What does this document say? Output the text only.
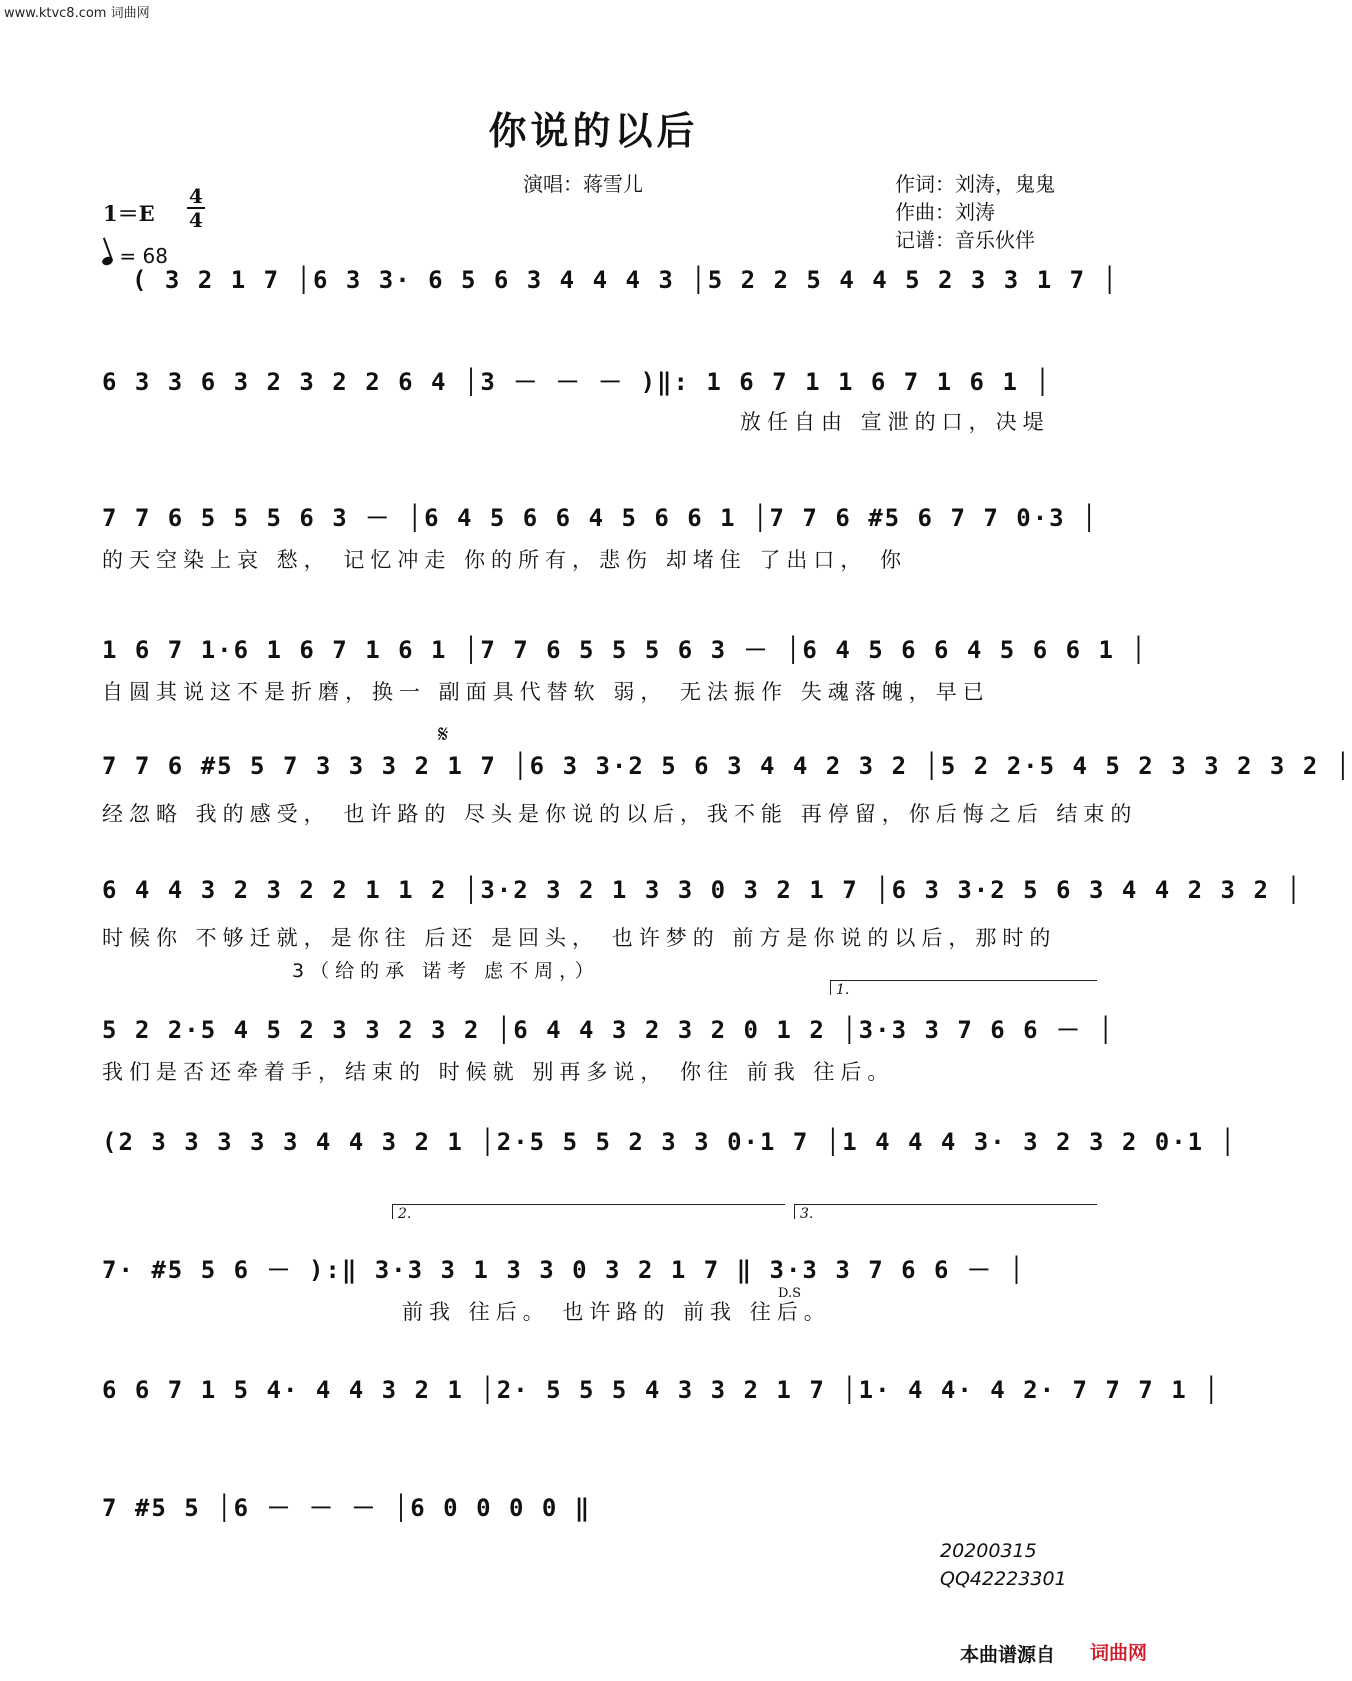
www.ktvc8.com 词曲网
你说的以后
演唱：蒋雪儿	作词：刘涛，鬼鬼
作曲：刘涛
记谱：音乐伙伴
1＝E
4
4
= 68
( 3 2 1 7 │6 3 3· 6 5 6 3 4 4 4 3 │5 2 2 5 4 4 5 2 3 3 1 7 │
6 3 3 6 3 2 3 2 2 6 4 │3 － － － )‖: 1 6 7 1 1 6 7 1 6 1 │
放任自由 宣泄的口，决堤
7 7 6 5 5 5 6 3 － │6 4 5 6 6 4 5 6 6 1 │7 7 6 #5 6 7 7 0·3 │
的天空染上哀 愁， 记忆冲走 你的所有，悲伤 却堵住 了出口， 你
1 6 7 1·6 1 6 7 1 6 1 │7 7 6 5 5 5 6 3 － │6 4 5 6 6 4 5 6 6 1 │
自圆其说这不是折磨，换一 副面具代替软 弱， 无法振作 失魂落魄，早已
𝄋
7 7 6 #5 5 7 3 3 3 2 1 7 │6 3 3·2 5 6 3 4 4 2 3 2 │5 2 2·5 4 5 2 3 3 2 3 2 │
经忽略 我的感受， 也许路的 尽头是你说的以后，我不能 再停留，你后悔之后 结束的
6 4 4 3 2 3 2 2 1 1 2 │3·2 3 2 1 3 3 0 3 2 1 7 │6 3 3·2 5 6 3 4 4 2 3 2 │
时候你 不够迁就，是你往 后还 是回头， 也许梦的 前方是你说的以后，那时的
3（给的承 诺考 虑不周，）
1.
5 2 2·5 4 5 2 3 3 2 3 2 │6 4 4 3 2 3 2 0 1 2 │3·3 3 7 6 6 － │
我们是否还牵着手，结束的 时候就 别再多说， 你往 前我 往后。
(2 3 3 3 3 3 4 4 3 2 1 │2·5 5 5 2 3 3 0·1 7 │1 4 4 4 3· 3 2 3 2 0·1 │
2.	3.
7· #5 5 6 － ):‖ 3·3 3 1 3 3 0 3 2 1 7 ‖ 3·3 3 7 6 6 － │
D.S
前我 往后。 也许路的 前我 往后。
6 6 7 1 5 4· 4 4 3 2 1 │2· 5 5 5 4 3 3 2 1 7 │1· 4 4· 4 2· 7 7 7 1 │
7 #5 5 │6 － － － │6 0 0 0 0 ‖
20200315
QQ42223301
本曲谱源自 词曲网
